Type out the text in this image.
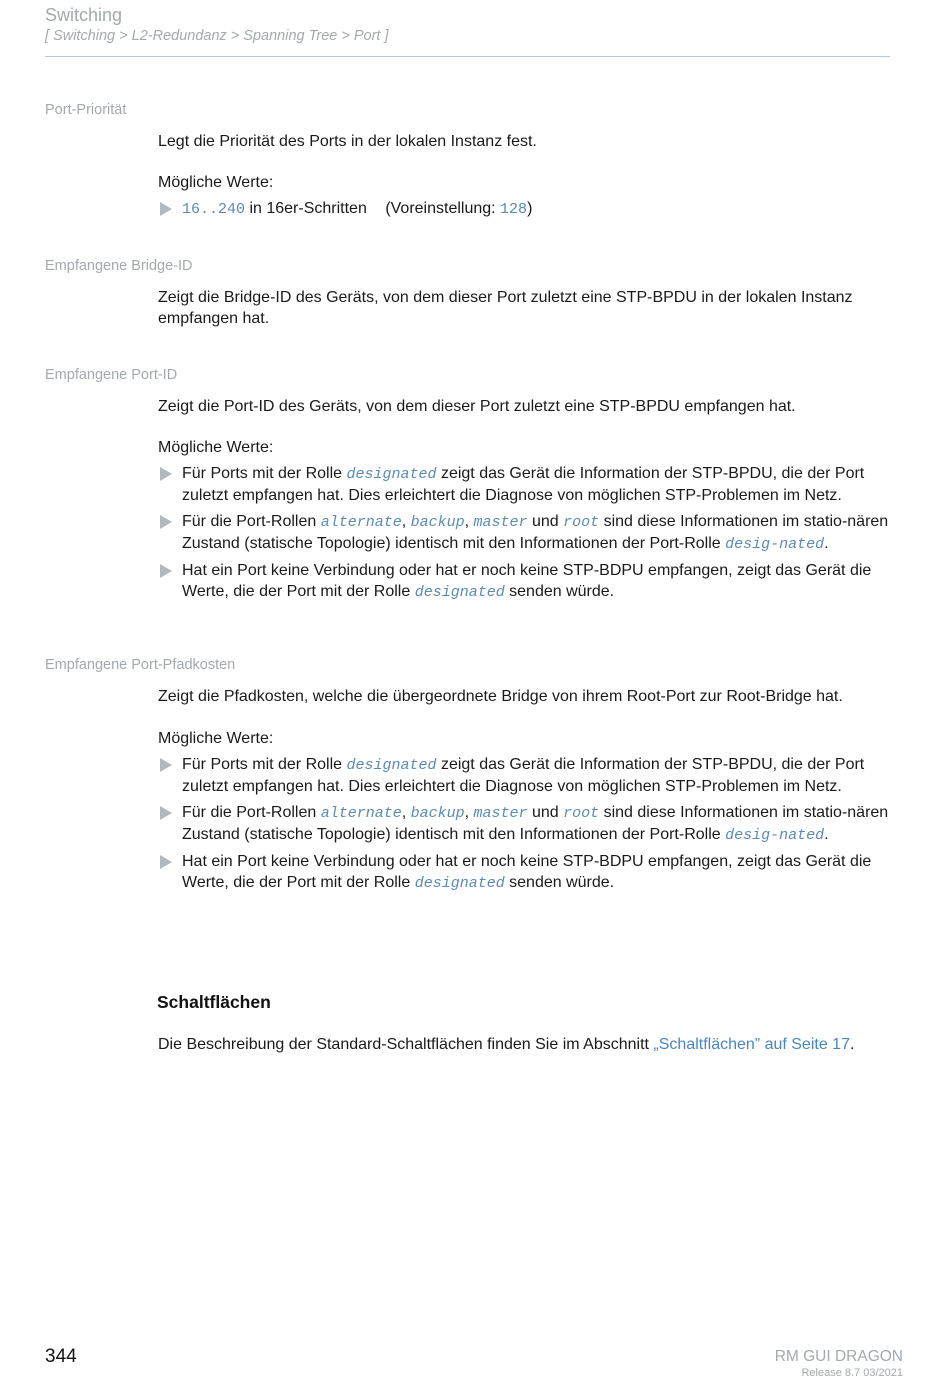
Switching
[ Switching > L2-Redundanz > Spanning Tree > Port ]
Port-Priorität
Legt die Priorität des Ports in der lokalen Instanz fest.
Mögliche Werte:
16..240 in 16er-Schritten (Voreinstellung: 128)
Empfangene Bridge-ID
Zeigt die Bridge-ID des Geräts, von dem dieser Port zuletzt eine STP-BPDU in der lokalen Instanz empfangen hat.
Empfangene Port-ID
Zeigt die Port-ID des Geräts, von dem dieser Port zuletzt eine STP-BPDU empfangen hat.
Mögliche Werte:
Für Ports mit der Rolle designated zeigt das Gerät die Information der STP-BPDU, die der Port zuletzt empfangen hat. Dies erleichtert die Diagnose von möglichen STP-Problemen im Netz.
Für die Port-Rollen alternate, backup, master und root sind diese Informationen im statio-nären Zustand (statische Topologie) identisch mit den Informationen der Port-Rolle desig-nated.
Hat ein Port keine Verbindung oder hat er noch keine STP-BDPU empfangen, zeigt das Gerät die Werte, die der Port mit der Rolle designated senden würde.
Empfangene Port-Pfadkosten
Zeigt die Pfadkosten, welche die übergeordnete Bridge von ihrem Root-Port zur Root-Bridge hat.
Mögliche Werte:
Für Ports mit der Rolle designated zeigt das Gerät die Information der STP-BPDU, die der Port zuletzt empfangen hat. Dies erleichtert die Diagnose von möglichen STP-Problemen im Netz.
Für die Port-Rollen alternate, backup, master und root sind diese Informationen im statio-nären Zustand (statische Topologie) identisch mit den Informationen der Port-Rolle desig-nated.
Hat ein Port keine Verbindung oder hat er noch keine STP-BDPU empfangen, zeigt das Gerät die Werte, die der Port mit der Rolle designated senden würde.
Schaltflächen
Die Beschreibung der Standard-Schaltflächen finden Sie im Abschnitt „Schaltflächen” auf Seite 17.
344	RM GUI DRAGON
Release 8.7 03/2021
